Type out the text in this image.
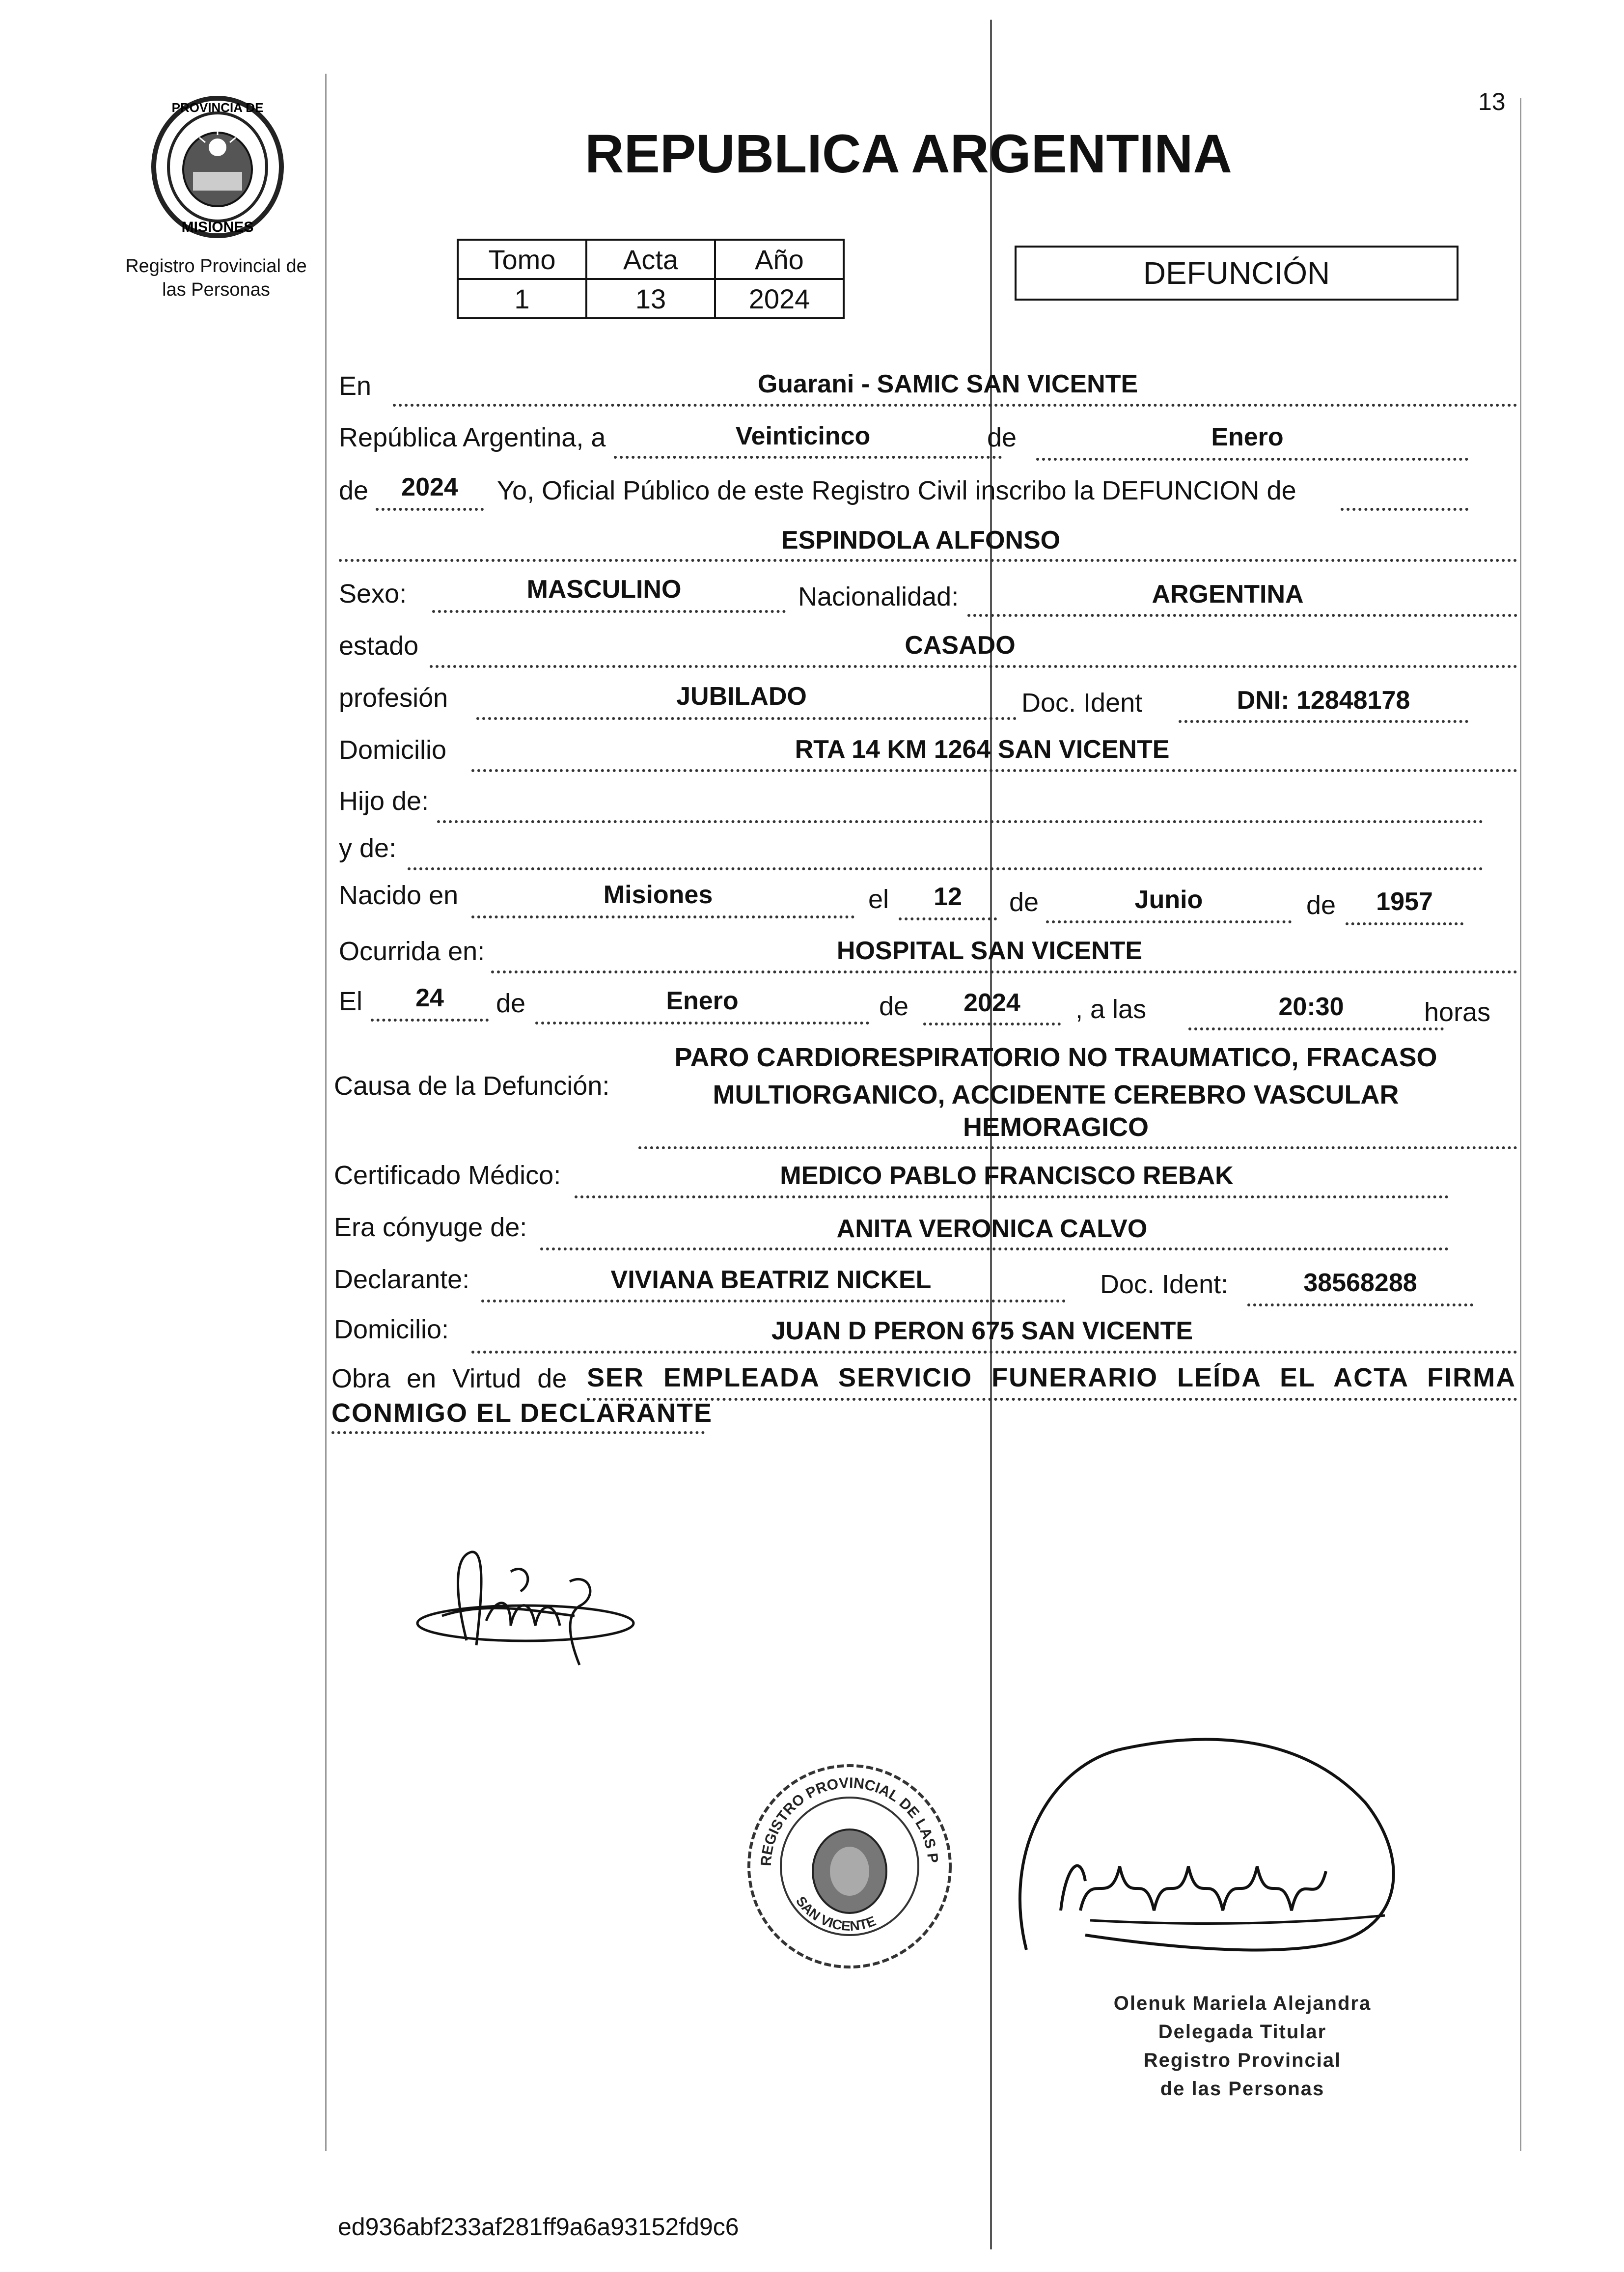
13
PROVINCIA DE
MISIONES
Registro Provincial de
las Personas
REPUBLICA ARGENTINA
Tomo	Acta	Año
1	13	2024
DEFUNCIÓN
En	Guarani - SAMIC SAN VICENTE
República Argentina, a	Veinticinco	de	Enero
de	2024	Yo, Oficial Público de este Registro Civil inscribo la DEFUNCION de
ESPINDOLA ALFONSO
Sexo:	MASCULINO	Nacionalidad:	ARGENTINA
estado	CASADO
profesión	JUBILADO	Doc. Ident	DNI: 12848178
Domicilio	RTA 14 KM 1264 SAN VICENTE
Hijo de:
y de:
Nacido en	Misiones	el	12	de	Junio	de	1957
Ocurrida en:	HOSPITAL SAN VICENTE
El	24	de	Enero	de	2024	, a las	20:30	horas
Causa de la Defunción:
PARO CARDIORESPIRATORIO NO TRAUMATICO, FRACASO
MULTIORGANICO, ACCIDENTE CEREBRO VASCULAR
HEMORAGICO
Certificado Médico:	MEDICO PABLO FRANCISCO REBAK
Era cónyuge de:	ANITA VERONICA CALVO
Declarante:	VIVIANA BEATRIZ NICKEL	Doc. Ident:	38568288
Domicilio:	JUAN D PERON 675 SAN VICENTE
Obra en Virtud de SER EMPLEADA SERVICIO FUNERARIO LEÍDA EL ACTA FIRMA
CONMIGO EL DECLARANTE
REGISTRO PROVINCIAL DE LAS P
SAN VICENTE
Olenuk Mariela Alejandra
Delegada Titular
Registro Provincial
de las Personas
ed936abf233af281ff9a6a93152fd9c6
